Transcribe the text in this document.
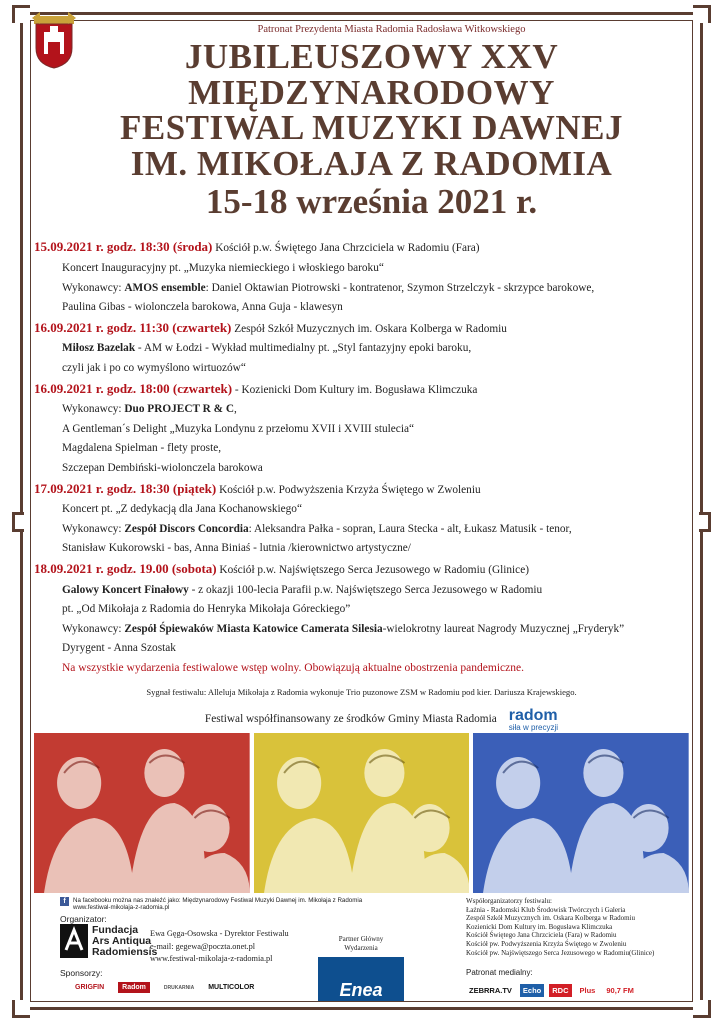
Patronat Prezydenta Miasta Radomia Radosława Witkowskiego
JUBILEUSZOWY XXV
MIĘDZYNARODOWY
FESTIWAL MUZYKI DAWNEJ
IM. MIKOŁAJA Z RADOMIA
15-18 września 2021 r.
15.09.2021 r. godz. 18:30 (środa) Kościół p.w. Świętego Jana Chrzciciela w Radomiu (Fara)
Koncert Inauguracyjny pt. „Muzyka niemieckiego i włoskiego baroku“
Wykonawcy: AMOS ensemble: Daniel Oktawian Piotrowski - kontratenor, Szymon Strzelczyk - skrzypce barokowe,
Paulina Gibas - wiolonczela barokowa, Anna Guja - klawesyn
16.09.2021 r. godz. 11:30 (czwartek) Zespół Szkół Muzycznych im. Oskara Kolberga w Radomiu
Miłosz Bazelak - AM w Łodzi - Wykład multimedialny pt. „Styl fantazyjny epoki baroku,
czyli jak i po co wymyślono wirtuozów“
16.09.2021 r. godz. 18:00 (czwartek) - Kozienicki Dom Kultury im. Bogusława Klimczuka
Wykonawcy: Duo PROJECT R & C,
A Gentleman´s Delight „Muzyka Londynu z przełomu XVII i XVIII stulecia“
Magdalena Spielman - flety proste,
Szczepan Dembiński-wiolonczela barokowa
17.09.2021 r. godz. 18:30 (piątek) Kościół p.w. Podwyższenia Krzyża Świętego w Zwoleniu
Koncert pt. „Z dedykacją dla Jana Kochanowskiego“
Wykonawcy: Zespół Discors Concordia: Aleksandra Pałka - sopran, Laura Stecka - alt, Łukasz Matusik - tenor,
Stanisław Kukorowski - bas, Anna Biniaś - lutnia /kierownictwo artystyczne/
18.09.2021 r. godz. 19.00 (sobota) Kościół p.w. Najświętszego Serca Jezusowego w Radomiu (Glinice)
Galowy Koncert Finałowy - z okazji 100-lecia Parafii p.w. Najświętszego Serca Jezusowego w Radomiu
pt. „Od Mikołaja z Radomia do Henryka Mikołaja Góreckiego”
Wykonawcy: Zespół Śpiewaków Miasta Katowice Camerata Silesia-wielokrotny laureat Nagrody Muzycznej „Fryderyk”
Dyrygent - Anna Szostak
Na wszystkie wydarzenia festiwalowe wstęp wolny. Obowiązują aktualne obostrzenia pandemiczne.
Sygnał festiwalu: Alleluja Mikołaja z Radomia wykonuje Trio puzonowe ZSM w Radomiu pod kier. Dariusza Krajewskiego.
Festiwal współfinansowany ze środków Gminy Miasta Radomia radom
siła w precyzji
f	Na facebooku można nas znaleźć jako: Międzynarodowy Festiwal Muzyki Dawnej im. Mikołaja z Radomia
www.festiwal-mikolaja-z-radomia.pl
Organizator:
Fundacja
Ars Antiqua
Radomiensis
Ewa Gęga-Osowska - Dyrektor Festiwalu
e-mail: gegewa@poczta.onet.pl
www.festiwal-mikolaja-z-radomia.pl
Partner Główny
Wydarzenia
Enea
Współorganizatorzy festiwalu:
Łaźnia - Radomski Klub Środowisk Twórczych i Galeria
Zespół Szkół Muzycznych im. Oskara Kolberga w Radomiu
Kozienicki Dom Kultury im. Bogusława Klimczuka
Kościół Świętego Jana Chrzciciela (Fara) w Radomiu
Kościół pw. Podwyższenia Krzyża Świętego w Zwoleniu
Kościół pw. Najświętszego Serca Jezusowego w Radomiu(Glinice)
Sponsorzy:
GRIGFIN	Radom	DRUKARNIA MULTICOLOR
Patronat medialny:
ZEBRRA.TV	Echo	RDC	Plus	90,7 FM
